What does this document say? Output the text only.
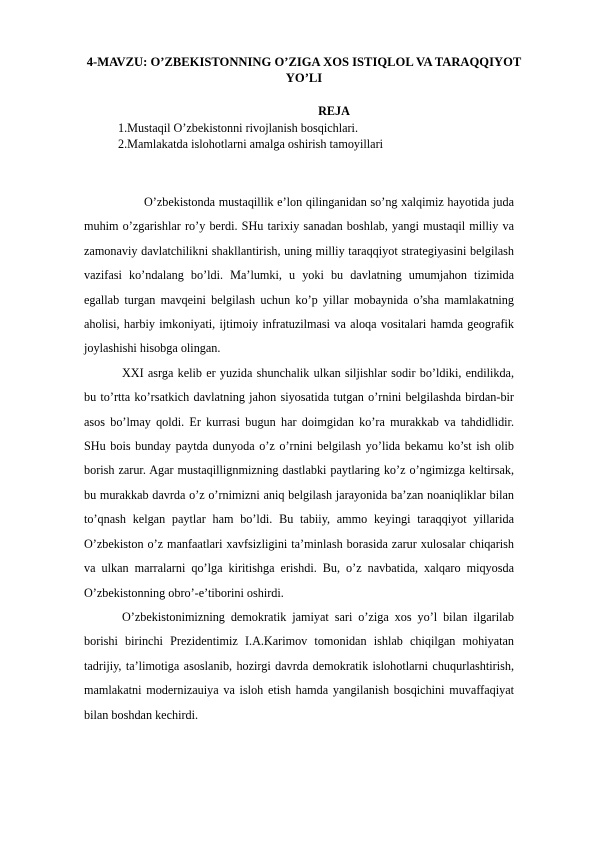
4-MAVZU: O’ZBEKISTONNING O’ZIGA XOS ISTIQLOL VA TARAQQIYOT YO’LI
REJA
1.Mustaqil O’zbekistonni rivojlanish bosqichlari.
2.Mamlakatda islohotlarni amalga oshirish tamoyillari

O’zbekistonda mustaqillik e’lon qilinganidan so’ng xalqimiz hayotida juda muhim o’zgarishlar ro’y berdi. SHu tarixiy sanadan boshlab, yangi mustaqil milliy va zamonaviy davlatchilikni shakllantirish, uning milliy taraqqiyot strategiyasini belgilash vazifasi ko’ndalang bo’ldi. Ma’lumki, u yoki bu davlatning umumjahon tizimida egallab turgan mavqeini belgilash uchun ko’p yillar mobaynida o’sha mamlakatning aholisi, harbiy imkoniyati, ijtimoiy infratuzilmasi va aloqa vositalari hamda geografik joylashishi hisobga olingan.

XXI asrga kelib er yuzida shunchalik ulkan siljishlar sodir bo’ldiki, endilikda, bu to’rtta ko’rsatkich davlatning jahon siyosatida tutgan o’rnini belgilashda birdan-bir asos bo’lmay qoldi. Er kurrasi bugun har doimgidan ko’ra murakkab va tahdidlidir. SHu bois bunday paytda dunyoda o’z o’rnini belgilash yo’lida bekamu ko’st ish olib borish zarur. Agar mustaqillignmizning dastlabki paytlaring ko’z o’ngimizga keltirsak, bu murakkab davrda o’z o’rnimizni aniq belgilash jarayonida ba’zan noaniqliklar bilan to’qnash kelgan paytlar ham bo’ldi. Bu tabiiy, ammo keyingi taraqqiyot yillarida O’zbekiston o’z manfaatlari xavfsizligini ta’minlash borasida zarur xulosalar chiqarish va ulkan marralarni qo’lga kiritishga erishdi. Bu, o’z navbatida, xalqaro miqyosda O’zbekistonning obro’-e’tiborini oshirdi.

O’zbekistonimizning demokratik jamiyat sari o’ziga xos yo’l bilan ilgarilab borishi birinchi Prezidentimiz I.A.Karimov tomonidan ishlab chiqilgan mohiyatan tadrijiy, ta’limotiga asoslanib, hozirgi davrda demokratik islohotlarni chuqurlashtirish, mamlakatni modernizauiya va isloh etish hamda yangilanish bosqichini muvaffaqiyat bilan boshdan kechirdi.
